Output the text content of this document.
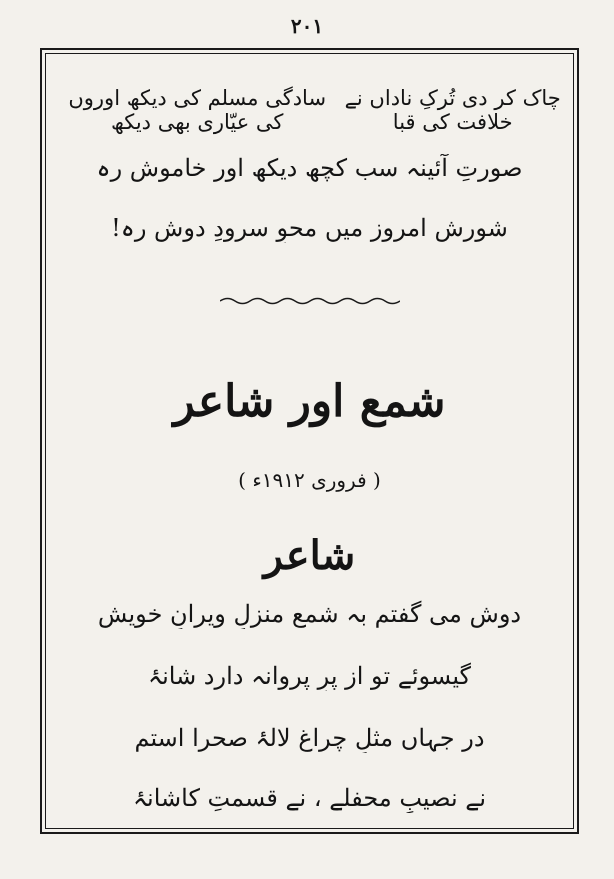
۲۰۱
چاک کر دی تُرکِ ناداں نے خلافت کی قبا
سادگی مسلم کی دیکھ اوروں کی عیّاری بھی دیکھ
صورتِ آئینہ سب کچھ دیکھ اور خاموش رہ
شورشِ امروز میں محوِ سرودِ دوش رہ!
شمع اور شاعر
( فروری ۱۹۱۲ء )
شاعر
دوش می گفتم بہ شمعِ منزلِ ویرانِ خویش
گیسوئے تو از پرِ پروانہ دارد شانۂ
در جہاں مثلِ چراغِ لالۂ صحرا استم
نے نصیبِ محفلے ، نے قسمتِ کاشانۂ
